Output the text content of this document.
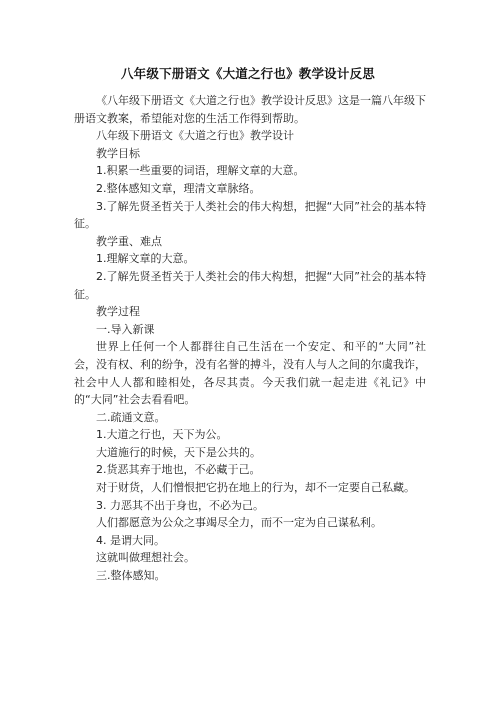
八年级下册语文《大道之行也》教学设计反思

《八年级下册语文《大道之行也》教学设计反思》这是一篇八年级下册语文教案，希望能对您的生活工作得到帮助。

八年级下册语文《大道之行也》教学设计

教学目标

1.积累一些重要的词语，理解文章的大意。

2.整体感知文章，理清文章脉络。

3.了解先贤圣哲关于人类社会的伟大构想，把握“大同”社会的基本特征。

教学重、难点

1.理解文章的大意。

2.了解先贤圣哲关于人类社会的伟大构想，把握“大同”社会的基本特征。

教学过程

一.导入新课

世界上任何一个人都群往自己生活在一个安定、和平的“大同”社会，没有权、利的纷争，没有名誉的搏斗，没有人与人之间的尔虞我诈，社会中人人都和睦相处，各尽其责。今天我们就一起走进《礼记》中的“大同”社会去看看吧。

二.疏通文意。

1.大道之行也，天下为公。

大道施行的时候，天下是公共的。

2.货恶其弃于地也，不必藏于己。

对于财货，人们憎恨把它扔在地上的行为，却不一定要自己私藏。

3. 力恶其不出于身也，不必为己。

人们都愿意为公众之事竭尽全力，而不一定为自己谋私利。

4. 是谓大同。

这就叫做理想社会。

三.整体感知。
